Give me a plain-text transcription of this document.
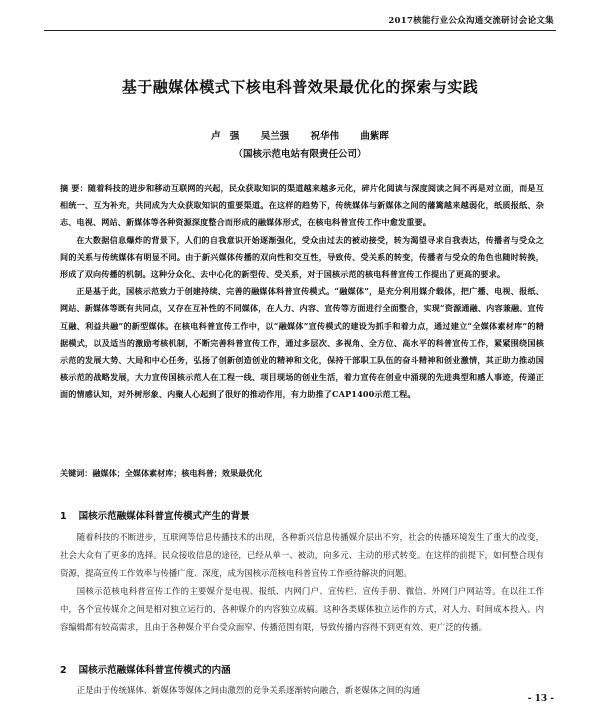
2017核能行业公众沟通交流研讨会论文集
基于融媒体模式下核电科普效果最优化的探索与实践
卢 强 吴兰强 祝华伟 曲紫晖
（国核示范电站有限责任公司）

摘 要：随着科技的进步和移动互联网的兴起，民众获取知识的渠道越来越多元化，碎片化阅读与深度阅读之间不再是对立面，而是互相统一、互为补充，共同成为大众获取知识的重要渠道。在这样的趋势下，传统媒体与新媒体之间的藩篱越来越弱化，纸质报纸、杂志、电视、网站、新媒体等各种资源深度整合而形成的融媒体形式，在核电科普宣传工作中愈发重要。

在大数据信息爆炸的背景下，人们的自我意识开始逐渐强化，受众由过去的被动接受，转为渴望寻求自我表达，传播者与受众之间的关系与传统媒体有明显不同。由于新兴媒体传播的双向性和交互性，导致传、受关系的转变，传播者与受众的角色也随时转换，形成了双向传播的机制。这种分众化、去中心化的新型传、受关系，对于国核示范的核电科普宣传工作提出了更高的要求。

正是基于此，国核示范致力于创建持续、完善的融媒体科普宣传模式。“融媒体”，是充分利用媒介载体，把广播、电视、报纸、网站、新媒体等既有共同点，又存在互补性的不同媒体，在人力、内容、宣传等方面进行全面整合，实现“资源通融、内容兼融、宣传互融、利益共融”的新型媒体。在核电科普宣传工作中，以“融媒体”宣传模式的建设为抓手和着力点，通过建立“全媒体素材库”的精据模式，以及适当的激励考核机制，不断完善科普宣传工作，通过多层次、多视角、全方位、高水平的科普宣传工作，紧紧围绕国核示范的发展大势、大局和中心任务，弘扬了创新创造创业的精神和文化，保持干部职工队伍的奋斗精神和创业激情，其正助力推动国核示范的战略发展，大力宣传国核示范人在工程一线、项目现场的创业生活，着力宣传在创业中涌现的先进典型和感人事迹，传递正面的情感认知，对外树形象、内聚人心起到了很好的推动作用，有力助推了CAP1400示范工程。

关键词：融媒体；全媒体素材库；核电科普；效果最优化
1 国核示范融媒体科普宣传模式产生的背景

随着科技的不断进步，互联网等信息传播技术的出现，各种新兴信息传播媒介层出不穷，社会的传播环境发生了重大的改变，社会大众有了更多的选择。民众接收信息的途径，已经从单一、被动，向多元、主动的形式转变。在这样的前提下，如何整合现有资源，提高宣传工作效率与传播广度、深度，成为国核示范核电科普宣传工作亟待解决的问题。

国核示范核电科普宣传工作的主要媒介是电视、报纸、内网门户、宣传栏、宣传手册、微信、外网门户网站等。在以往工作中，各个宣传媒介之间是相对独立运行的，各种媒介的内容独立成稿。这种各类媒体独立运作的方式，对人力、时间成本投入、内容编辑都有较高需求，且由于各种媒介平台受众面窄、传播范围有限，导致传播内容得不到更有效、更广泛的传播。

2 国核示范融媒体科普宣传模式的内涵

正是由于传统媒体、新媒体等媒体之间由激烈的竞争关系逐渐转向融合，新老媒体之间的沟通

- 13 -
